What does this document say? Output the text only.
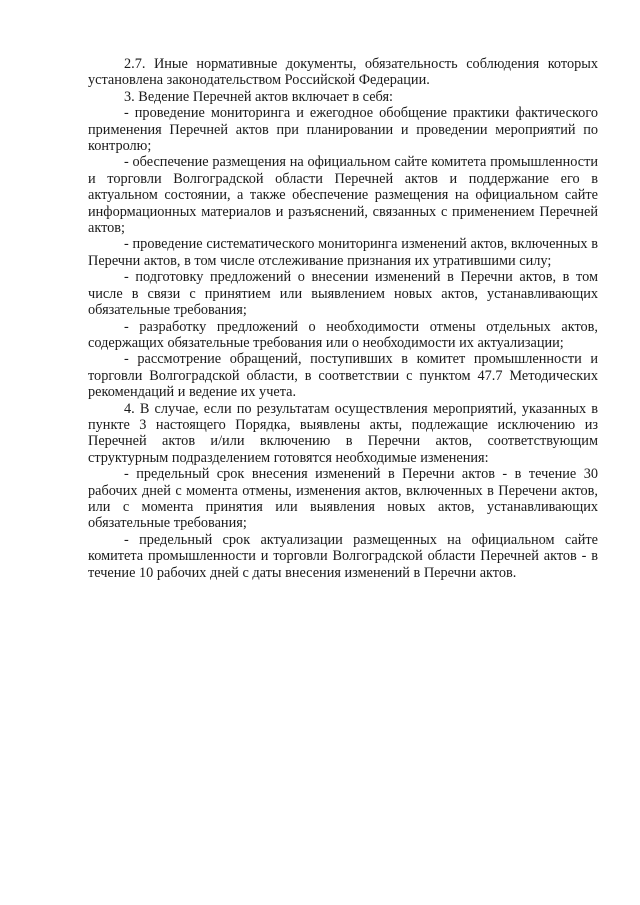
2.7. Иные нормативные документы, обязательность соблюдения которых установлена законодательством Российской Федерации.

3. Ведение Перечней актов включает в себя:

- проведение мониторинга и ежегодное обобщение практики фактического применения Перечней актов при планировании и проведении мероприятий по контролю;

- обеспечение размещения на официальном сайте комитета промышленности и торговли Волгоградской области Перечней актов и поддержание его в актуальном состоянии, а также обеспечение размещения на официальном сайте информационных материалов и разъяснений, связанных с применением Перечней актов;

- проведение систематического мониторинга изменений актов, включенных в Перечни актов, в том числе отслеживание признания их утратившими силу;

- подготовку предложений о внесении изменений в Перечни актов, в том числе в связи с принятием или выявлением новых актов, устанавливающих обязательные требования;

- разработку предложений о необходимости отмены отдельных актов, содержащих обязательные требования или о необходимости их актуализации;

- рассмотрение обращений, поступивших в комитет промышленности и торговли Волгоградской области, в соответствии с пунктом 47.7 Методических рекомендаций и ведение их учета.

4. В случае, если по результатам осуществления мероприятий, указанных в пункте 3 настоящего Порядка, выявлены акты, подлежащие исключению из Перечней актов и/или включению в Перечни актов, соответствующим структурным подразделением готовятся необходимые изменения:

- предельный срок внесения изменений в Перечни актов - в течение 30 рабочих дней с момента отмены, изменения актов, включенных в Перечени актов, или с момента принятия или выявления новых актов, устанавливающих обязательные требования;

- предельный срок актуализации размещенных на официальном сайте комитета промышленности и торговли Волгоградской области Перечней актов - в течение 10 рабочих дней с даты внесения изменений в Перечни актов.
